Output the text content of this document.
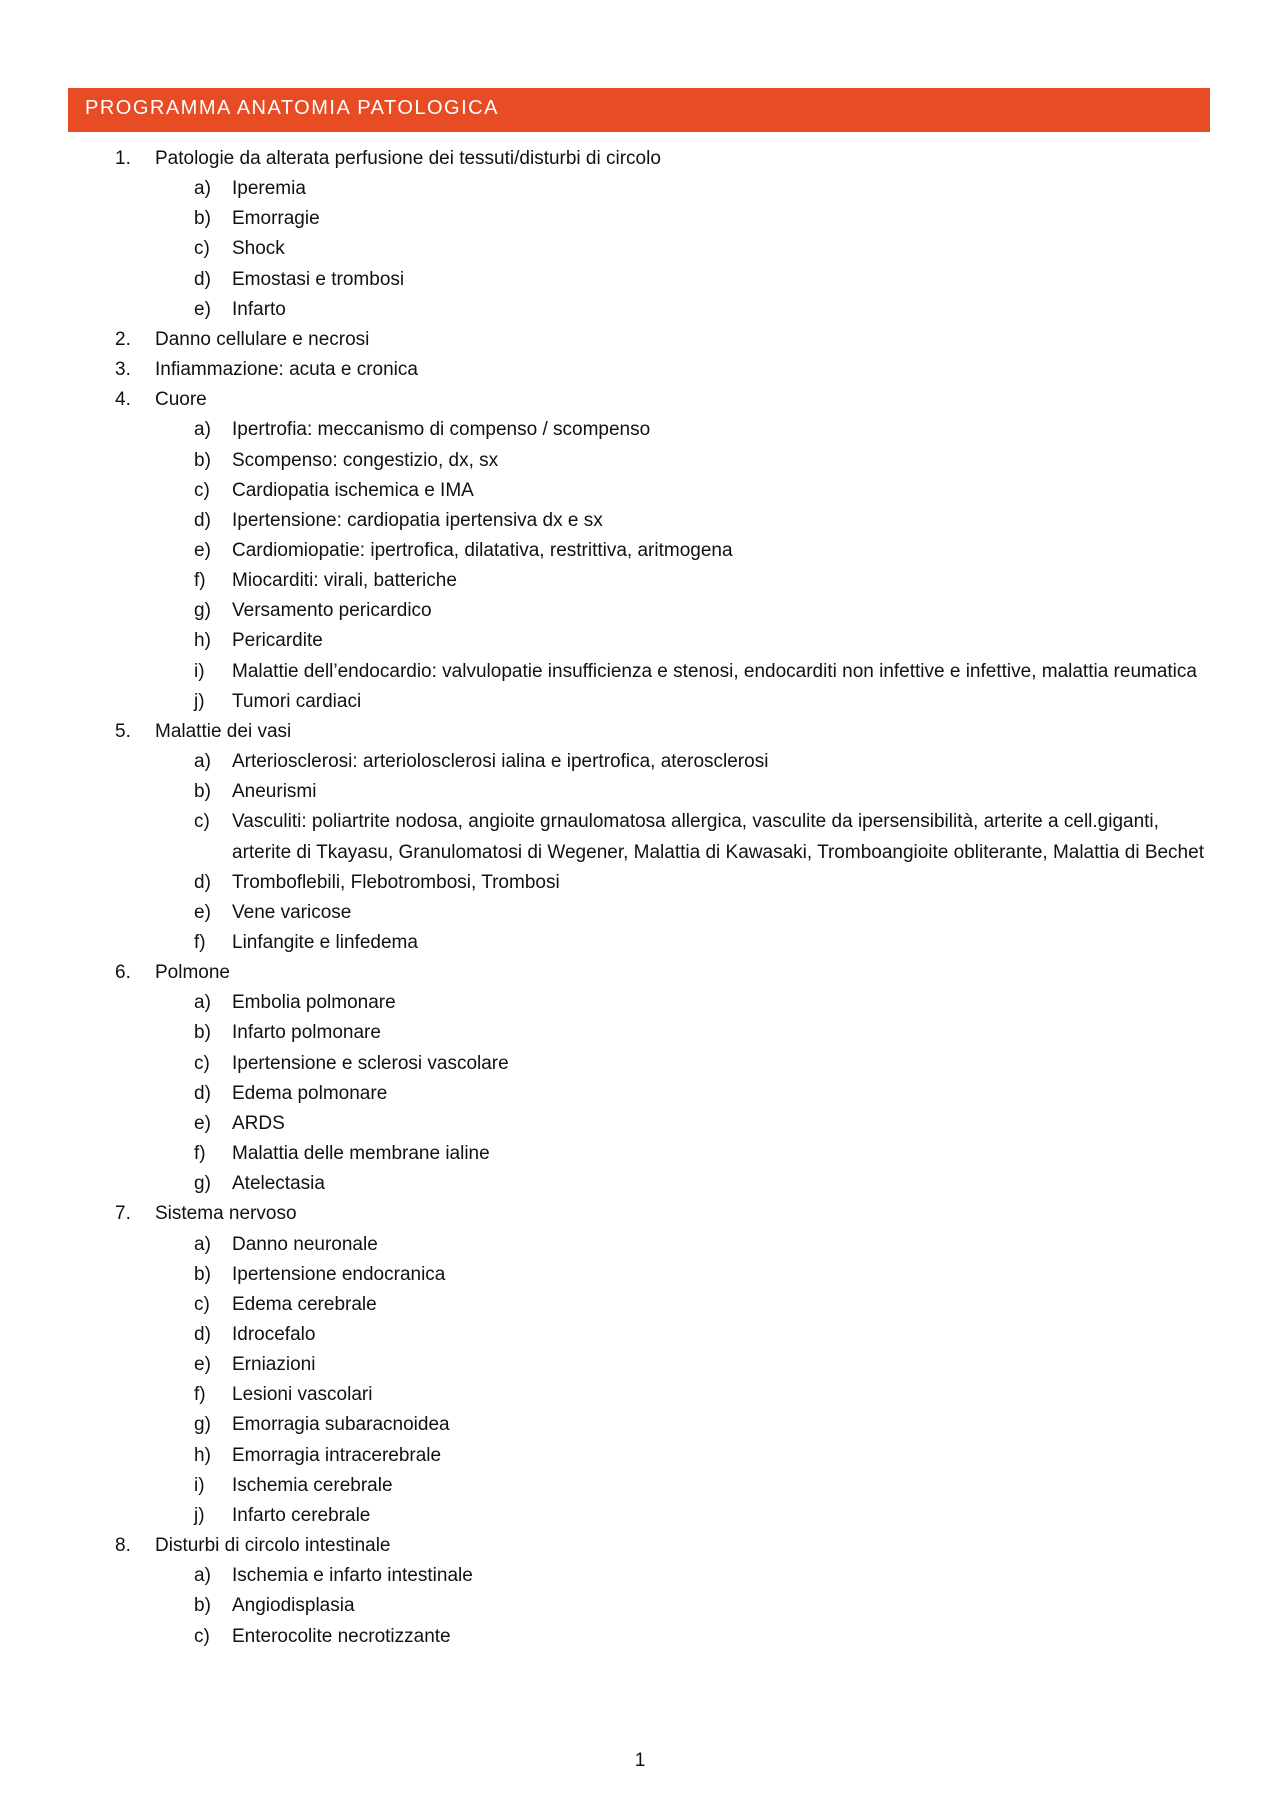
PROGRAMMA ANATOMIA PATOLOGICA
1. Patologie da alterata perfusione dei tessuti/disturbi di circolo
a) Iperemia
b) Emorragie
c) Shock
d) Emostasi e trombosi
e) Infarto
2. Danno cellulare e necrosi
3. Infiammazione: acuta e cronica
4. Cuore
a) Ipertrofia: meccanismo di compenso / scompenso
b) Scompenso: congestizio, dx, sx
c) Cardiopatia ischemica e IMA
d) Ipertensione: cardiopatia ipertensiva dx e sx
e) Cardiomiopatie: ipertrofica, dilatativa, restrittiva, aritmogena
f) Miocarditi: virali, batteriche
g) Versamento pericardico
h) Pericardite
i) Malattie dell’endocardio: valvulopatie insufficienza e stenosi, endocarditi non infettive e infettive, malattia reumatica
j) Tumori cardiaci
5. Malattie dei vasi
a) Arteriosclerosi: arteriolosclerosi ialina e ipertrofica, aterosclerosi
b) Aneurismi
c) Vasculiti: poliartrite nodosa, angioite grnaulomatosa allergica, vasculite da ipersensibilità, arterite a cell.giganti, arterite di Tkayasu, Granulomatosi di Wegener, Malattia di Kawasaki, Tromboangioite obliterante, Malattia di Bechet
d) Tromboflebili, Flebotrombosi, Trombosi
e) Vene varicose
f) Linfangite e linfedema
6. Polmone
a) Embolia polmonare
b) Infarto polmonare
c) Ipertensione e sclerosi vascolare
d) Edema polmonare
e) ARDS
f) Malattia delle membrane ialine
g) Atelectasia
7. Sistema nervoso
a) Danno neuronale
b) Ipertensione endocranica
c) Edema cerebrale
d) Idrocefalo
e) Erniazioni
f) Lesioni vascolari
g) Emorragia subaracnoidea
h) Emorragia intracerebrale
i) Ischemia cerebrale
j) Infarto cerebrale
8. Disturbi di circolo intestinale
a) Ischemia e infarto intestinale
b) Angiodisplasia
c) Enterocolite necrotizzante
1
